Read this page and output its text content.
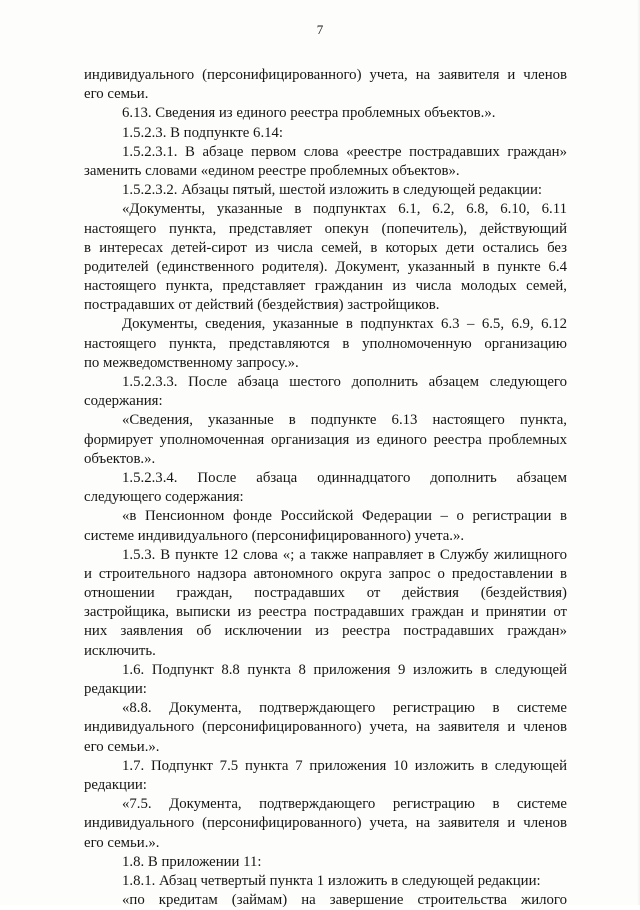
7
индивидуального (персонифицированного) учета, на заявителя и членов
его семьи.
6.13. Сведения из единого реестра проблемных объектов.».
1.5.2.3. В подпункте 6.14:
1.5.2.3.1. В абзаце первом слова «реестре пострадавших граждан»
заменить словами «едином реестре проблемных объектов».
1.5.2.3.2. Абзацы пятый, шестой изложить в следующей редакции:
«Документы, указанные в подпунктах 6.1, 6.2, 6.8, 6.10, 6.11
настоящего пункта, представляет опекун (попечитель), действующий
в интересах детей-сирот из числа семей, в которых дети остались без
родителей (единственного родителя). Документ, указанный в пункте 6.4
настоящего пункта, представляет гражданин из числа молодых семей,
пострадавших от действий (бездействия) застройщиков.
Документы, сведения, указанные в подпунктах 6.3 – 6.5, 6.9, 6.12
настоящего пункта, представляются в уполномоченную организацию
по межведомственному запросу.».
1.5.2.3.3. После абзаца шестого дополнить абзацем следующего
содержания:
«Сведения, указанные в подпункте 6.13 настоящего пункта,
формирует уполномоченная организация из единого реестра проблемных
объектов.».
1.5.2.3.4. После абзаца одиннадцатого дополнить абзацем
следующего содержания:
«в Пенсионном фонде Российской Федерации – о регистрации в
системе индивидуального (персонифицированного) учета.».
1.5.3. В пункте 12 слова «; а также направляет в Службу жилищного
и строительного надзора автономного округа запрос о предоставлении в
отношении граждан, пострадавших от действия (бездействия)
застройщика, выписки из реестра пострадавших граждан и принятии от
них заявления об исключении из реестра пострадавших граждан»
исключить.
1.6. Подпункт 8.8 пункта 8 приложения 9 изложить в следующей
редакции:
«8.8. Документа, подтверждающего регистрацию в системе
индивидуального (персонифицированного) учета, на заявителя и членов
его семьи.».
1.7. Подпункт 7.5 пункта 7 приложения 10 изложить в следующей
редакции:
«7.5. Документа, подтверждающего регистрацию в системе
индивидуального (персонифицированного) учета, на заявителя и членов
его семьи.».
1.8. В приложении 11:
1.8.1. Абзац четвертый пункта 1 изложить в следующей редакции:
«по кредитам (займам) на завершение строительства жилого
